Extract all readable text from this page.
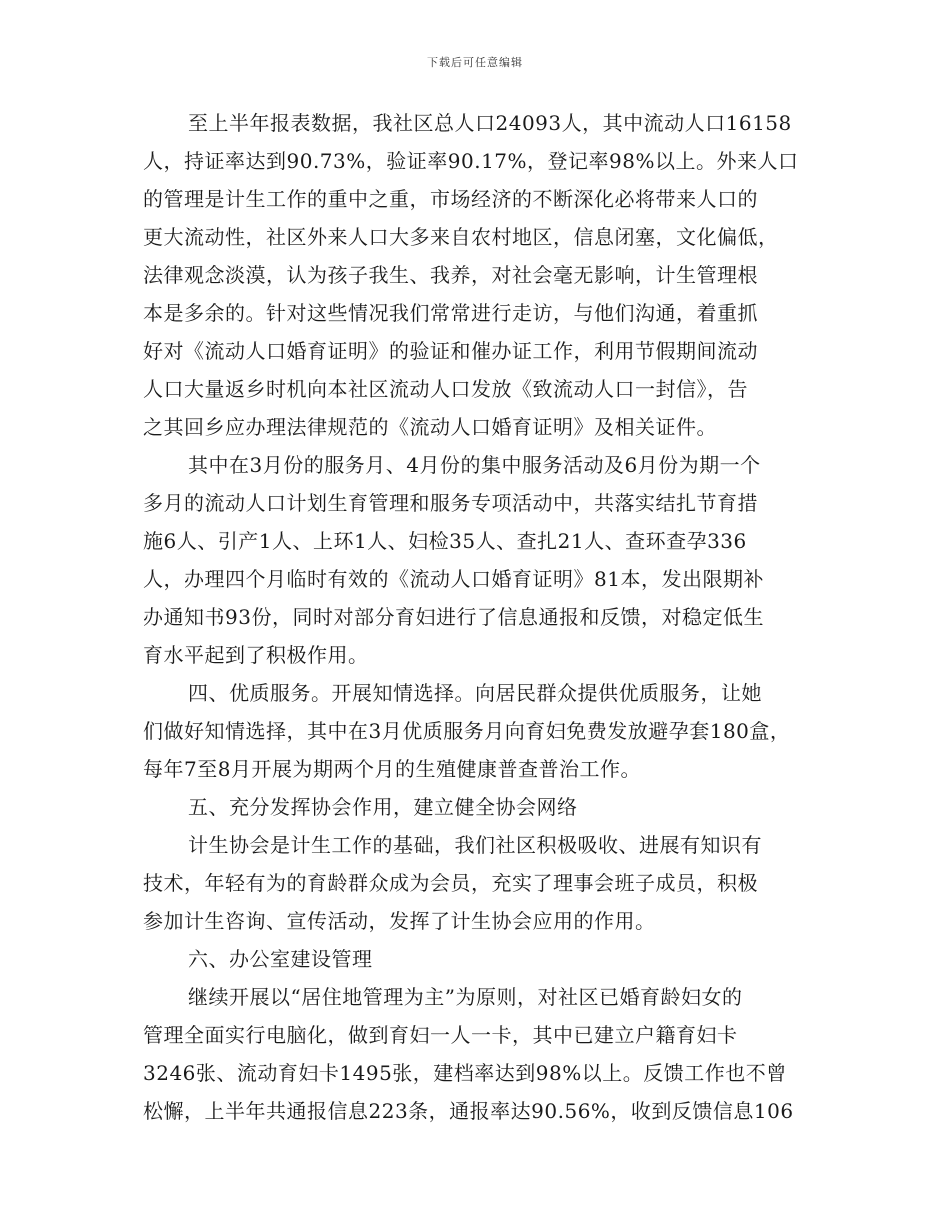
下载后可任意编辑
至上半年报表数据，我社区总人口24093人，其中流动人口16158
人，持证率达到90.73%，验证率90.17%，登记率98%以上。外来人口
的管理是计生工作的重中之重，市场经济的不断深化必将带来人口的
更大流动性，社区外来人口大多来自农村地区，信息闭塞，文化偏低，
法律观念淡漠，认为孩子我生、我养，对社会毫无影响，计生管理根
本是多余的。针对这些情况我们常常进行走访，与他们沟通，着重抓
好对《流动人口婚育证明》的验证和催办证工作，利用节假期间流动
人口大量返乡时机向本社区流动人口发放《致流动人口一封信》，告
之其回乡应办理法律规范的《流动人口婚育证明》及相关证件。
其中在3月份的服务月、4月份的集中服务活动及6月份为期一个
多月的流动人口计划生育管理和服务专项活动中，共落实结扎节育措
施6人、引产1人、上环1人、妇检35人、查扎21人、查环查孕336
人，办理四个月临时有效的《流动人口婚育证明》81本，发出限期补
办通知书93份，同时对部分育妇进行了信息通报和反馈，对稳定低生
育水平起到了积极作用。
四、优质服务。开展知情选择。向居民群众提供优质服务，让她
们做好知情选择，其中在3月优质服务月向育妇免费发放避孕套180盒，
每年7至8月开展为期两个月的生殖健康普查普治工作。
五、充分发挥协会作用，建立健全协会网络
计生协会是计生工作的基础，我们社区积极吸收、进展有知识有
技术，年轻有为的育龄群众成为会员，充实了理事会班子成员，积极
参加计生咨询、宣传活动，发挥了计生协会应用的作用。
六、办公室建设管理
继续开展以“居住地管理为主”为原则，对社区已婚育龄妇女的
管理全面实行电脑化，做到育妇一人一卡，其中已建立户籍育妇卡
3246张、流动育妇卡1495张，建档率达到98%以上。反馈工作也不曾
松懈，上半年共通报信息223条，通报率达90.56%，收到反馈信息106
